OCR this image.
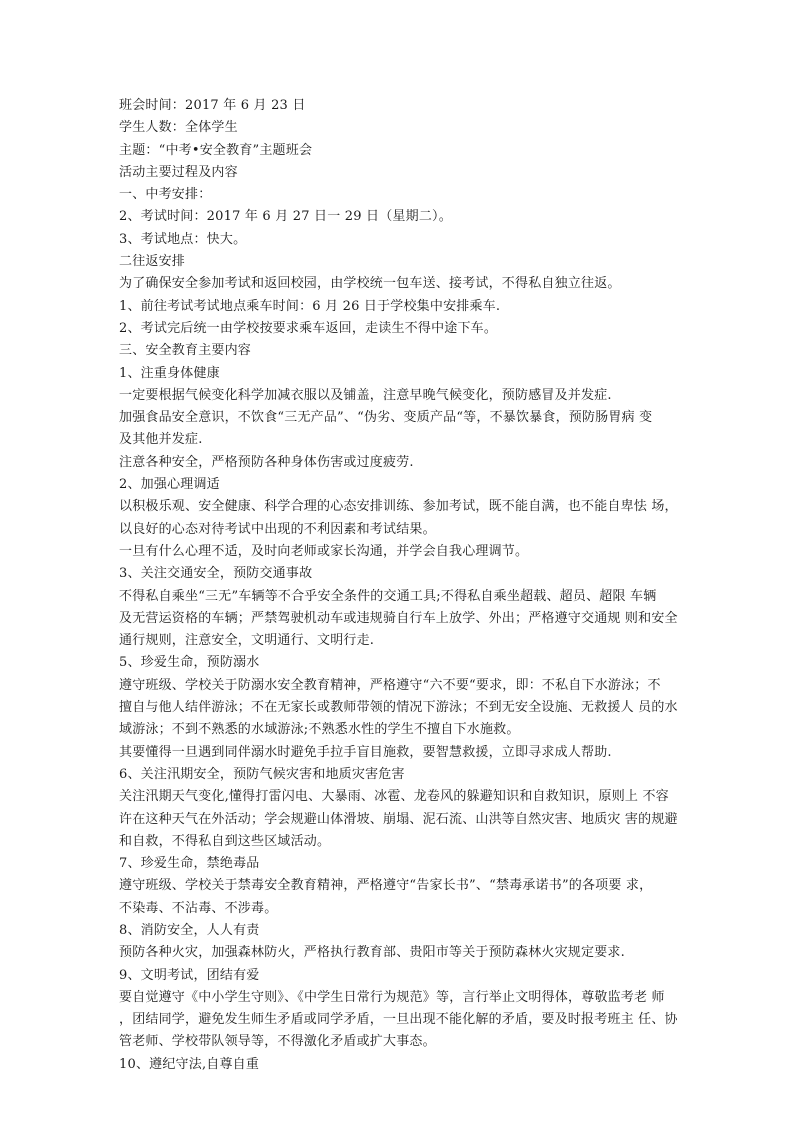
班会时间：2017 年 6 月 23 日

学生人数：全体学生

主题：“中考•安全教育”主题班会

活动主要过程及内容

一、中考安排：

2、考试时间：2017 年 6 月 27 日一 29 日（星期二）。

3、考试地点：快大。

二往返安排

为了确保安全参加考试和返回校园，由学校统一包车送、接考试，不得私自独立往返。

1、前往考试考试地点乘车时间：6 月 26 日于学校集中安排乘车.

2、考试完后统一由学校按要求乘车返回，走读生不得中途下车。

三、安全教育主要内容

1、注重身体健康

一定要根据气候变化科学加减衣服以及铺盖，注意早晚气候变化，预防感冒及并发症.

加强食品安全意识，不饮食“三无产品”、“伪劣、变质产品“等，不暴饮暴食，预防肠胃病 变

及其他并发症.

注意各种安全，严格预防各种身体伤害或过度疲劳.

2、加强心理调适

以积极乐观、安全健康、科学合理的心态安排训练、参加考试，既不能自满，也不能自卑怯 场，

以良好的心态对待考试中出现的不利因素和考试结果。

一旦有什么心理不适，及时向老师或家长沟通，并学会自我心理调节。

3、关注交通安全，预防交通事故

不得私自乘坐“三无”车辆等不合乎安全条件的交通工具;不得私自乘坐超载、超员、超限 车辆

及无营运资格的车辆；严禁驾驶机动车或违规骑自行车上放学、外出；严格遵守交通规 则和安全

通行规则，注意安全，文明通行、文明行走.

5、珍爱生命，预防溺水

遵守班级、学校关于防溺水安全教育精神，严格遵守“六不要“要求，即：不私自下水游泳；不

擅自与他人结伴游泳；不在无家长或教师带领的情况下游泳；不到无安全设施、无救援人 员的水

域游泳；不到不熟悉的水域游泳;不熟悉水性的学生不擅自下水施救。

其要懂得一旦遇到同伴溺水时避免手拉手盲目施救，要智慧救援，立即寻求成人帮助.

6、关注汛期安全，预防气候灾害和地质灾害危害

关注汛期天气变化,懂得打雷闪电、大暴雨、冰雹、龙卷风的躲避知识和自救知识，原则上 不容

许在这种天气在外活动；学会规避山体滑坡、崩塌、泥石流、山洪等自然灾害、地质灾 害的规避

和自救，不得私自到这些区域活动。

7、珍爱生命，禁绝毒品

遵守班级、学校关于禁毒安全教育精神，严格遵守“告家长书”、“禁毒承诺书”的各项要 求，

不染毒、不沾毒、不涉毒。

8、消防安全，人人有责

预防各种火灾，加强森林防火，严格执行教育部、贵阳市等关于预防森林火灾规定要求.

9、文明考试，团结有爱

要自觉遵守《中小学生守则》、《中学生日常行为规范》等，言行举止文明得体，尊敬监考老 师

，团结同学，避免发生师生矛盾或同学矛盾，一旦出现不能化解的矛盾，要及时报考班主 任、协

管老师、学校带队领导等，不得激化矛盾或扩大事态。

10、遵纪守法,自尊自重
